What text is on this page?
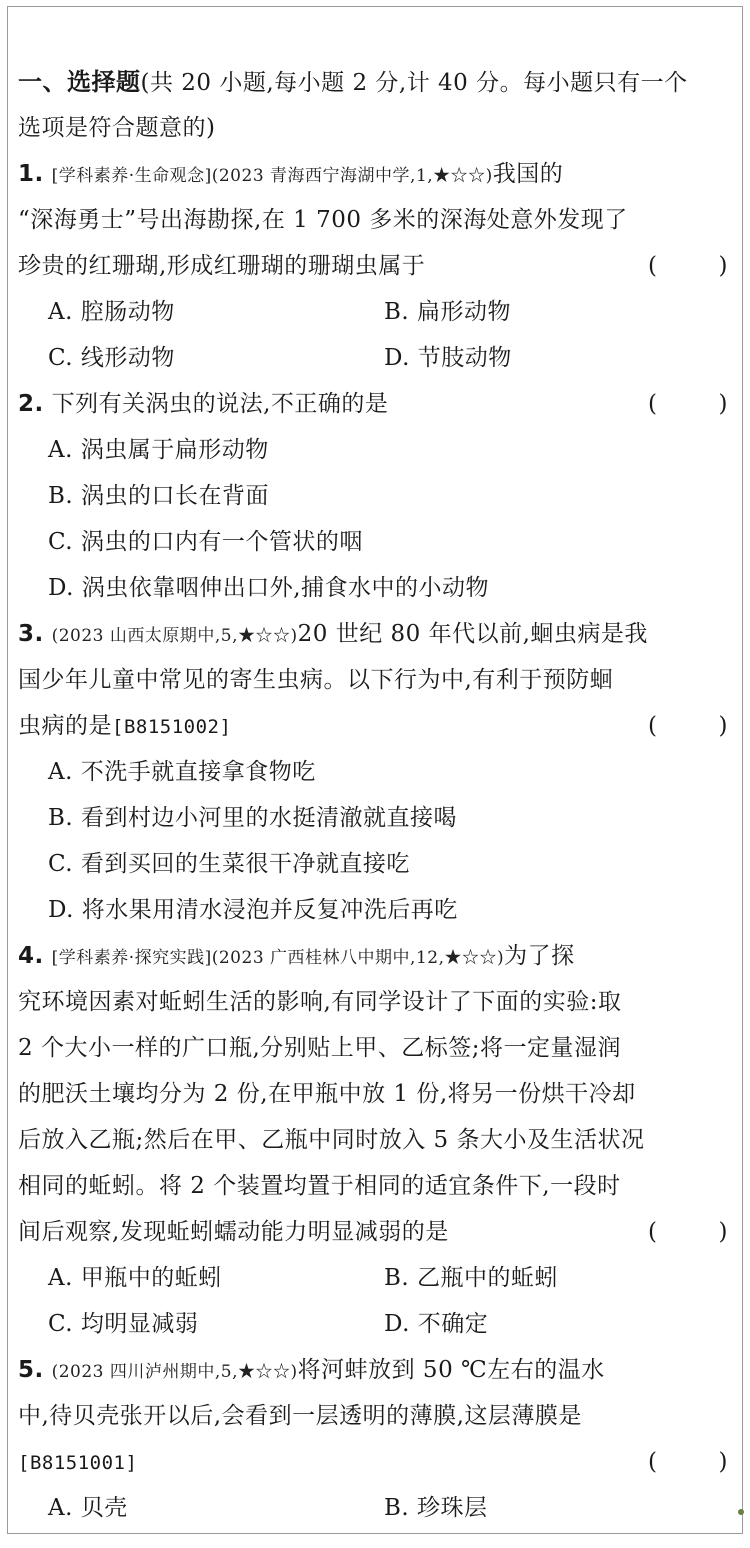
一、选择题(共 20 小题,每小题 2 分,计 40 分。每小题只有一个
选项是符合题意的)
1. [学科素养·生命观念](2023 青海西宁海湖中学,1,★☆☆)我国的
“深海勇士”号出海勘探,在 1 700 多米的深海处意外发现了
珍贵的红珊瑚,形成红珊瑚的珊瑚虫属于	(	)
A. 腔肠动物	B. 扁形动物
C. 线形动物	D. 节肢动物
2. 下列有关涡虫的说法,不正确的是	(	)
A. 涡虫属于扁形动物
B. 涡虫的口长在背面
C. 涡虫的口内有一个管状的咽
D. 涡虫依靠咽伸出口外,捕食水中的小动物
3. (2023 山西太原期中,5,★☆☆)20 世纪 80 年代以前,蛔虫病是我
国少年儿童中常见的寄生虫病。以下行为中,有利于预防蛔
虫病的是[B8151002]	(	)
A. 不洗手就直接拿食物吃
B. 看到村边小河里的水挺清澈就直接喝
C. 看到买回的生菜很干净就直接吃
D. 将水果用清水浸泡并反复冲洗后再吃
4. [学科素养·探究实践](2023 广西桂林八中期中,12,★☆☆)为了探
究环境因素对蚯蚓生活的影响,有同学设计了下面的实验:取
2 个大小一样的广口瓶,分别贴上甲、乙标签;将一定量湿润
的肥沃土壤均分为 2 份,在甲瓶中放 1 份,将另一份烘干冷却
后放入乙瓶;然后在甲、乙瓶中同时放入 5 条大小及生活状况
相同的蚯蚓。将 2 个装置均置于相同的适宜条件下,一段时
间后观察,发现蚯蚓蠕动能力明显减弱的是	(	)
A. 甲瓶中的蚯蚓	B. 乙瓶中的蚯蚓
C. 均明显减弱	D. 不确定
5. (2023 四川泸州期中,5,★☆☆)将河蚌放到 50 ℃左右的温水
中,待贝壳张开以后,会看到一层透明的薄膜,这层薄膜是
[B8151001]	(	)
A. 贝壳	B. 珍珠层
